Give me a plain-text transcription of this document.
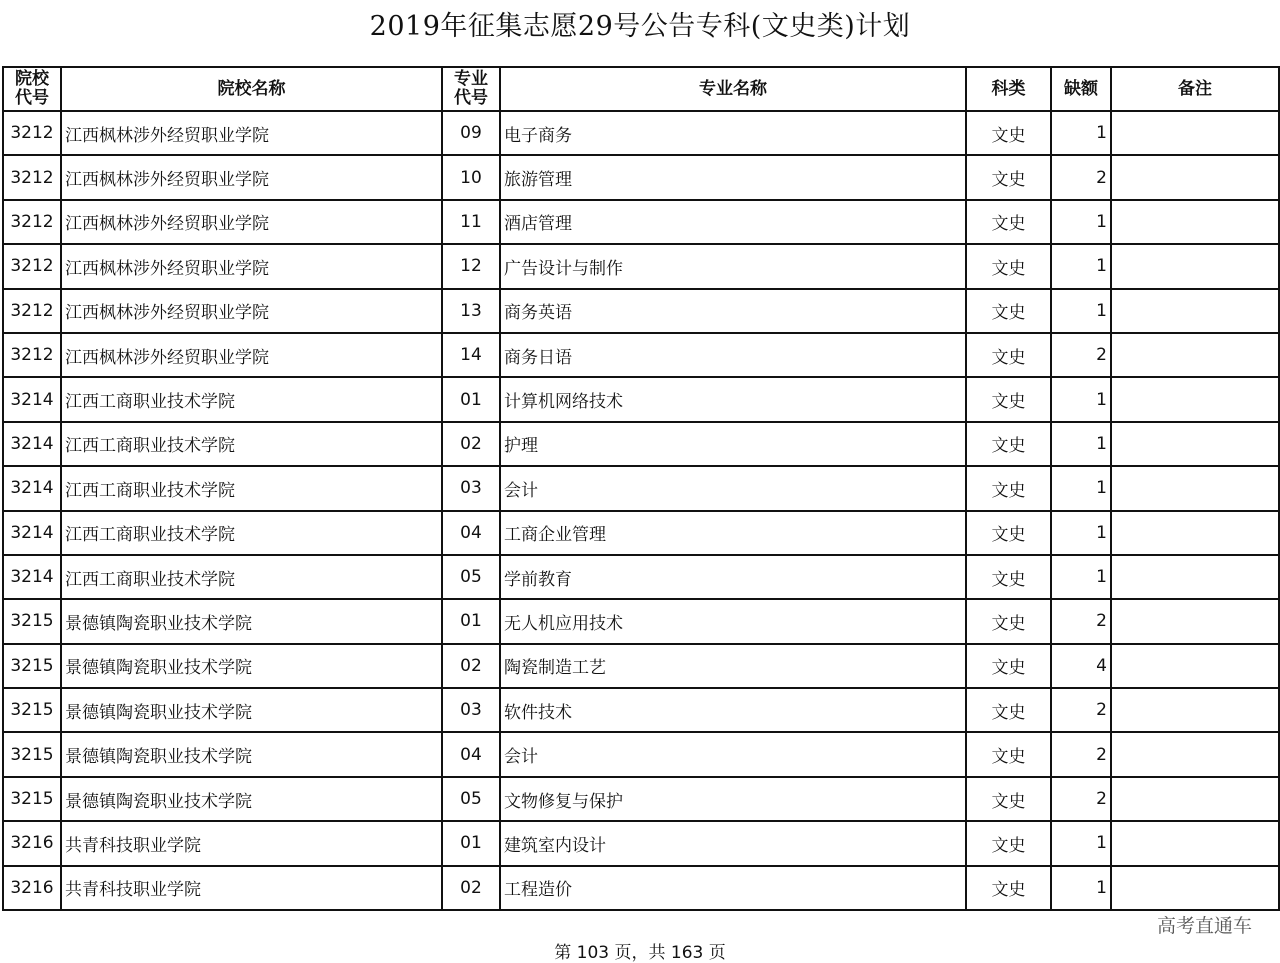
2019年征集志愿29号公告专科(文史类)计划
院校代号	院校名称	专业代号	专业名称	科类	缺额	备注
3212	江西枫林涉外经贸职业学院	09	电子商务	文史	1	
3212	江西枫林涉外经贸职业学院	10	旅游管理	文史	2	
3212	江西枫林涉外经贸职业学院	11	酒店管理	文史	1	
3212	江西枫林涉外经贸职业学院	12	广告设计与制作	文史	1	
3212	江西枫林涉外经贸职业学院	13	商务英语	文史	1	
3212	江西枫林涉外经贸职业学院	14	商务日语	文史	2	
3214	江西工商职业技术学院	01	计算机网络技术	文史	1	
3214	江西工商职业技术学院	02	护理	文史	1	
3214	江西工商职业技术学院	03	会计	文史	1	
3214	江西工商职业技术学院	04	工商企业管理	文史	1	
3214	江西工商职业技术学院	05	学前教育	文史	1	
3215	景德镇陶瓷职业技术学院	01	无人机应用技术	文史	2	
3215	景德镇陶瓷职业技术学院	02	陶瓷制造工艺	文史	4	
3215	景德镇陶瓷职业技术学院	03	软件技术	文史	2	
3215	景德镇陶瓷职业技术学院	04	会计	文史	2	
3215	景德镇陶瓷职业技术学院	05	文物修复与保护	文史	2	
3216	共青科技职业学院	01	建筑室内设计	文史	1	
3216	共青科技职业学院	02	工程造价	文史	1	
高考直通车
第 103 页，共 163 页
